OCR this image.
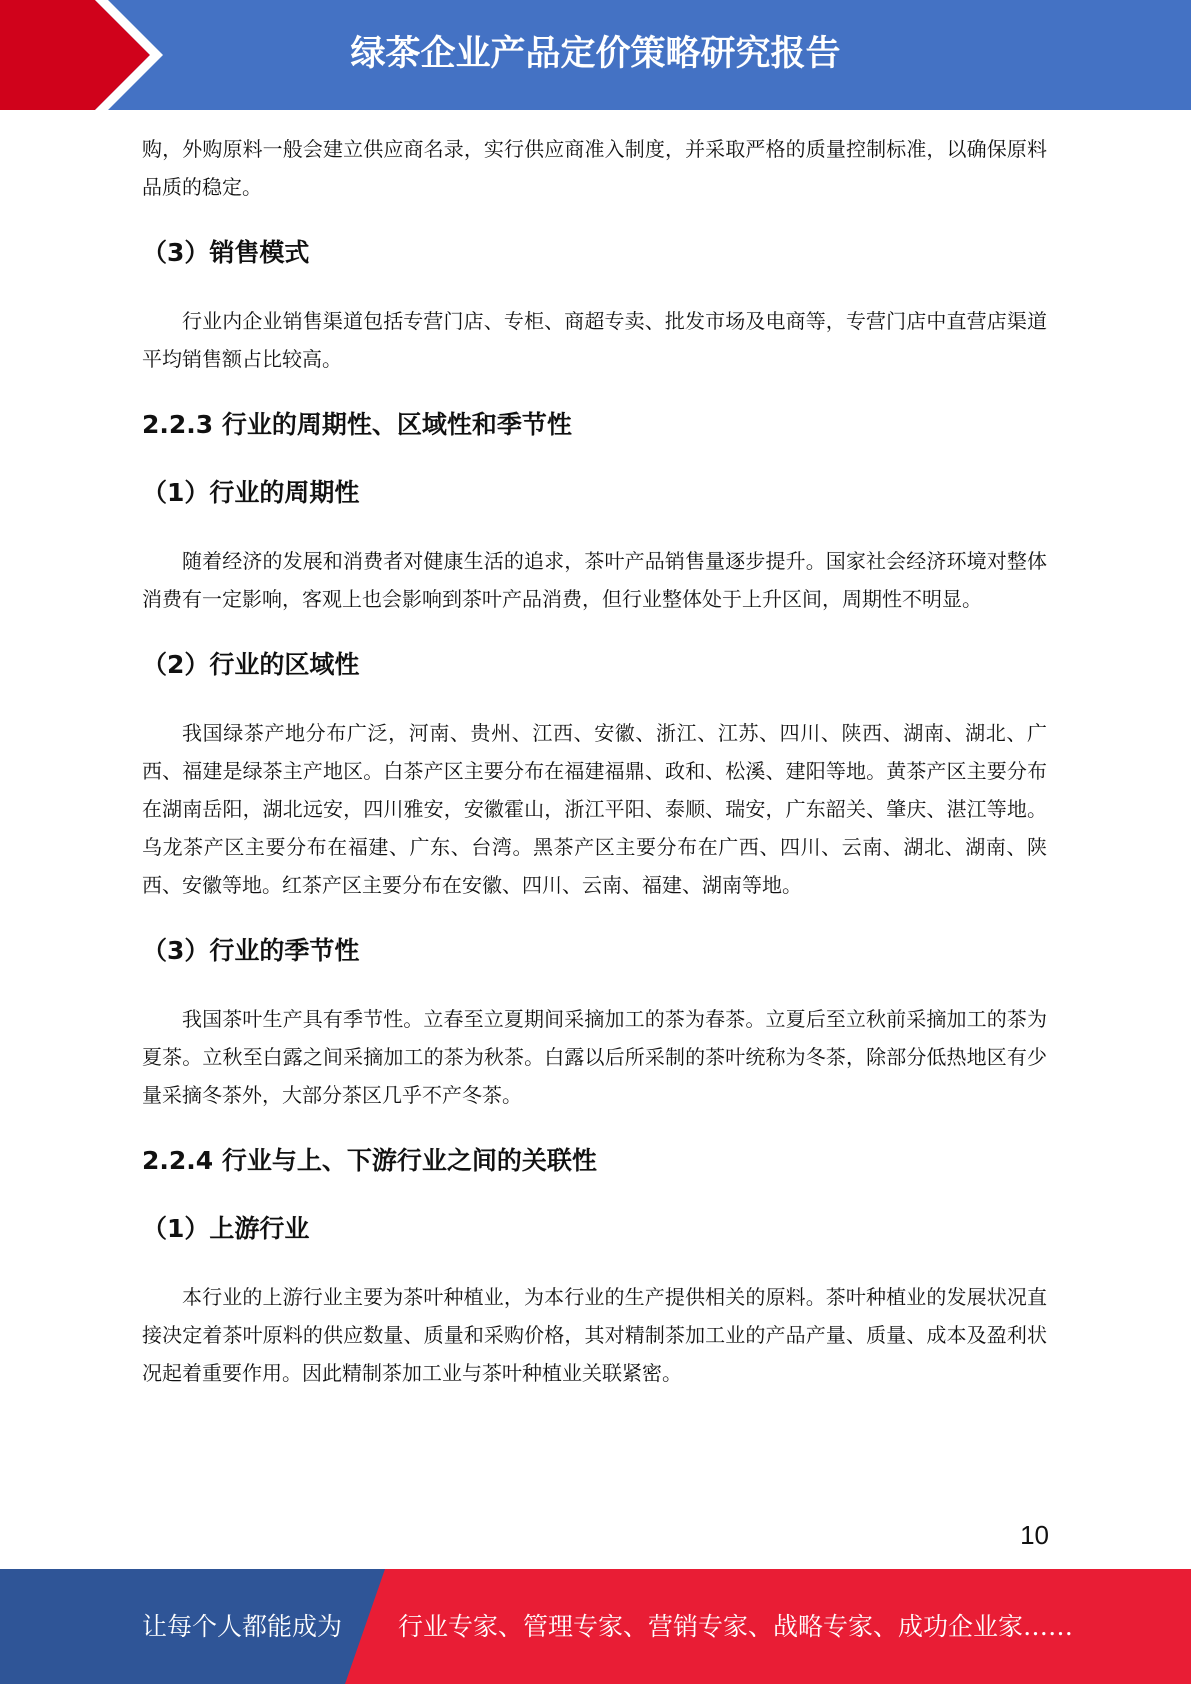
绿茶企业产品定价策略研究报告

购，外购原料一般会建立供应商名录，实行供应商准入制度，并采取严格的质量控制标准，以确保原料品质的稳定。

（3）销售模式

行业内企业销售渠道包括专营门店、专柜、商超专卖、批发市场及电商等，专营门店中直营店渠道平均销售额占比较高。

2.2.3 行业的周期性、区域性和季节性
（1）行业的周期性

随着经济的发展和消费者对健康生活的追求，茶叶产品销售量逐步提升。国家社会经济环境对整体消费有一定影响，客观上也会影响到茶叶产品消费，但行业整体处于上升区间，周期性不明显。

（2）行业的区域性

我国绿茶产地分布广泛，河南、贵州、江西、安徽、浙江、江苏、四川、陕西、湖南、湖北、广西、福建是绿茶主产地区。白茶产区主要分布在福建福鼎、政和、松溪、建阳等地。黄茶产区主要分布在湖南岳阳，湖北远安，四川雅安，安徽霍山，浙江平阳、泰顺、瑞安，广东韶关、肇庆、湛江等地。乌龙茶产区主要分布在福建、广东、台湾。黑茶产区主要分布在广西、四川、云南、湖北、湖南、陕西、安徽等地。红茶产区主要分布在安徽、四川、云南、福建、湖南等地。

（3）行业的季节性

我国茶叶生产具有季节性。立春至立夏期间采摘加工的茶为春茶。立夏后至立秋前采摘加工的茶为夏茶。立秋至白露之间采摘加工的茶为秋茶。白露以后所采制的茶叶统称为冬茶，除部分低热地区有少量采摘冬茶外，大部分茶区几乎不产冬茶。

2.2.4 行业与上、下游行业之间的关联性
（1）上游行业

本行业的上游行业主要为茶叶种植业，为本行业的生产提供相关的原料。茶叶种植业的发展状况直接决定着茶叶原料的供应数量、质量和采购价格，其对精制茶加工业的产品产量、质量、成本及盈利状况起着重要作用。因此精制茶加工业与茶叶种植业关联紧密。

10
让每个人都能成为 行业专家、管理专家、营销专家、战略专家、成功企业家……
